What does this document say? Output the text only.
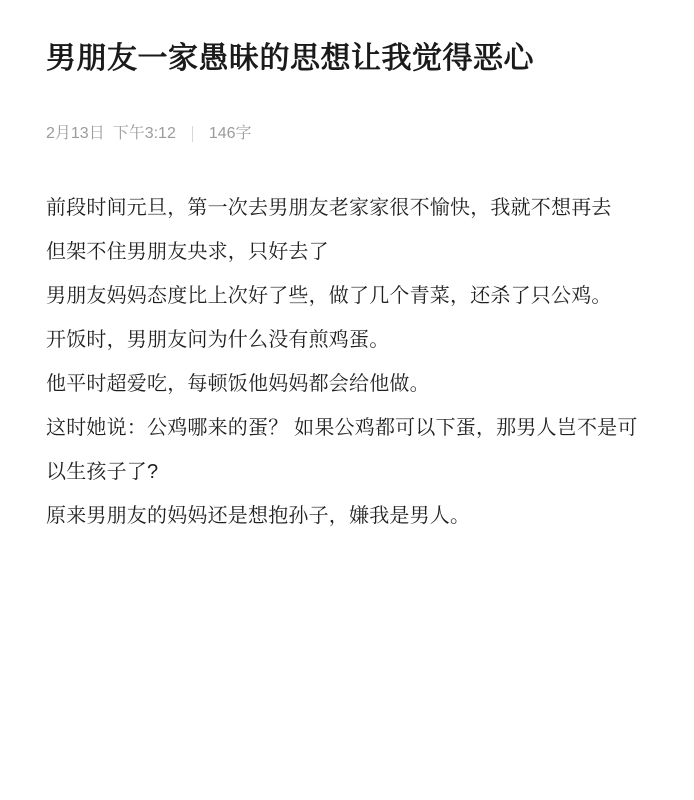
男朋友一家愚昧的思想让我觉得恶心
2月13日 下午3:12 146字

前段时间元旦，第一次去男朋友老家家很不愉快，我就不想再去

但架不住男朋友央求，只好去了

男朋友妈妈态度比上次好了些，做了几个青菜，还杀了只公鸡。

开饭时，男朋友问为什么没有煎鸡蛋。

他平时超爱吃，每顿饭他妈妈都会给他做。

这时她说：公鸡哪来的蛋？ 如果公鸡都可以下蛋，那男人岂不是可以生孩子了?

原来男朋友的妈妈还是想抱孙子，嫌我是男人。
